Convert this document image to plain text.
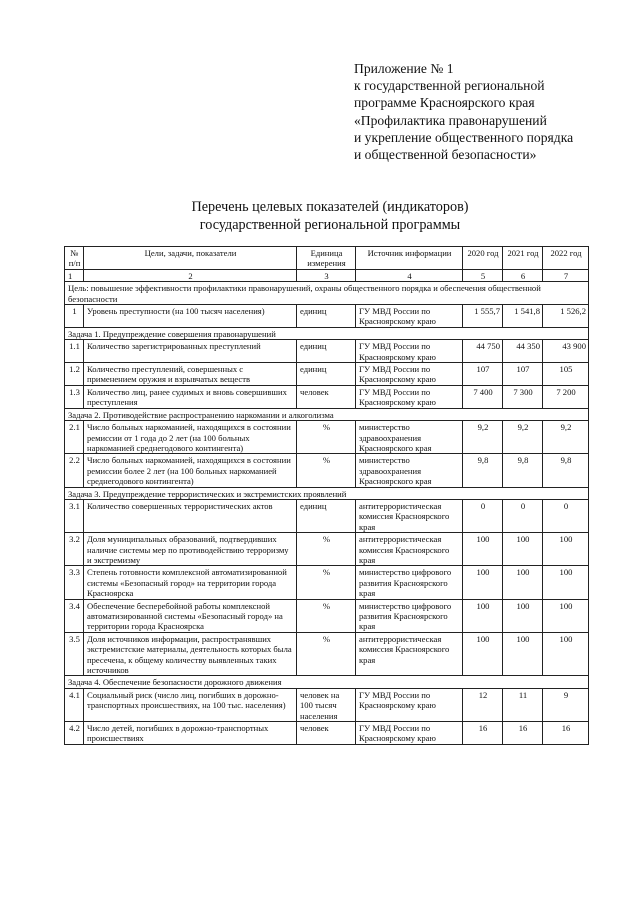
Приложение № 1
к государственной региональной
программе Красноярского края
«Профилактика правонарушений
и укрепление общественного порядка
и общественной безопасности»
Перечень целевых показателей (индикаторов)
государственной региональной программы
№ п/п	Цели, задачи, показатели	Единица измерения	Источник информации	2020 год	2021 год	2022 год
1	2	3	4	5	6	7
Цель: повышение эффективности профилактики правонарушений, охраны общественного порядка и обеспечения общественной безопасности						
1	Уровень преступности (на 100 тысяч населения)	единиц	ГУ МВД России по Красноярскому краю	1 555,7	1 541,8	1 526,2
Задача 1. Предупреждение совершения правонарушений						
1.1	Количество зарегистрированных преступлений	единиц	ГУ МВД России по Красноярскому краю	44 750	44 350	43 900
1.2	Количество преступлений, совершенных с применением оружия и взрывчатых веществ	единиц	ГУ МВД России по Красноярскому краю	107	107	105
1.3	Количество лиц, ранее судимых и вновь совершивших преступления	человек	ГУ МВД России по Красноярскому краю	7 400	7 300	7 200
Задача 2. Противодействие распространению наркомании и алкоголизма						
2.1	Число больных наркоманией, находящихся в состоянии ремиссии от 1 года до 2 лет (на 100 больных наркоманией среднегодового контингента)	%	министерство здравоохранения Красноярского края	9,2	9,2	9,2
2.2	Число больных наркоманией, находящихся в состоянии ремиссии более 2 лет (на 100 больных наркоманией среднегодового контингента)	%	министерство здравоохранения Красноярского края	9,8	9,8	9,8
Задача 3. Предупреждение террористических и экстремистских проявлений						
3.1	Количество совершенных террористических актов	единиц	антитеррористическая комиссия Красноярского края	0	0	0
3.2	Доля муниципальных образований, подтвердивших наличие системы мер по противодействию терроризму и экстремизму	%	антитеррористическая комиссия Красноярского края	100	100	100
3.3	Степень готовности комплексной автоматизированной системы «Безопасный город» на территории города Красноярска	%	министерство цифрового развития Красноярского края	100	100	100
3.4	Обеспечение бесперебойной работы комплексной автоматизированной системы «Безопасный город» на территории города Красноярска	%	министерство цифрового развития Красноярского края	100	100	100
3.5	Доля источников информации, распространявших экстремистские материалы, деятельность которых была пресечена, к общему количеству выявленных таких источников	%	антитеррористическая комиссия Красноярского края	100	100	100
Задача 4. Обеспечение безопасности дорожного движения						
4.1	Социальный риск (число лиц, погибших в дорожно-транспортных происшествиях, на 100 тыс. населения)	человек на 100 тысяч населения	ГУ МВД России по Красноярскому краю	12	11	9
4.2	Число детей, погибших в дорожно-транспортных происшествиях	человек	ГУ МВД России по Красноярскому краю	16	16	16
